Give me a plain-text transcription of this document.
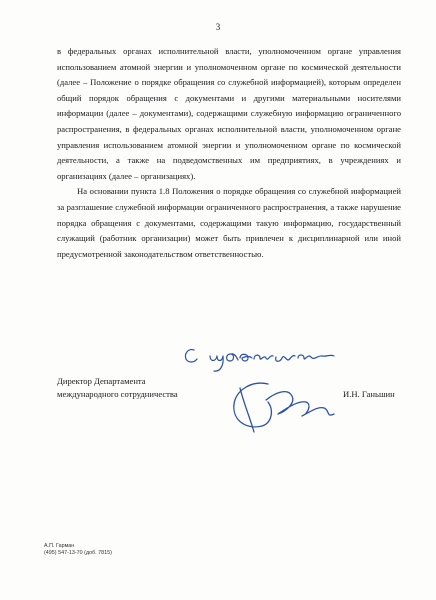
3

в федеральных органах исполнительной власти, уполномоченном органе управления использованием атомной энергии и уполномоченном органе по космической деятельности (далее – Положение о порядке обращения со служебной информацией), которым определен общий порядок обращения с документами и другими материальными носителями информации (далее – документами), содержащими служебную информацию ограниченного распространения, в федеральных органах исполнительной власти, уполномоченном органе управления использованием атомной энергии и уполномоченном органе по космической деятельности, а также на подведомственных им предприятиях, в учреждениях и организациях (далее – организациях).

На основании пункта 1.8 Положения о порядке обращения со служебной информацией за разглашение служебной информации ограниченного распространения, а также нарушение порядка обращения с документами, содержащими такую информацию, государственный служащий (работник организации) может быть привлечен к дисциплинарной или иной предусмотренной законодательством ответственностью.

Директор Департамента
международного сотрудничества	И.Н. Ганьшин
А.П. Гарман
(495) 547-13-70 (доб. 7815)
